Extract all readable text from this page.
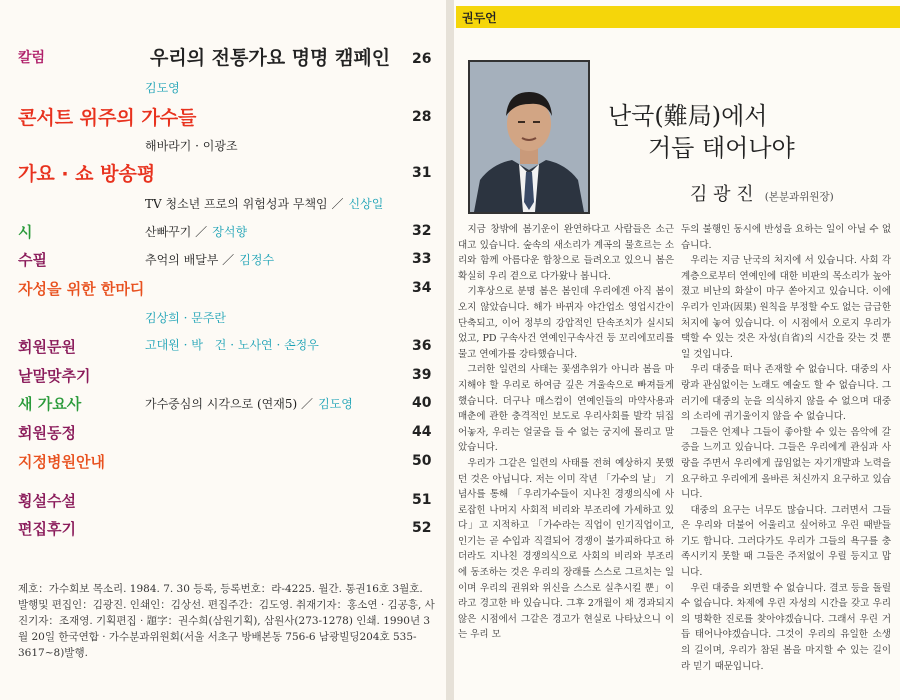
칼럼	우리의 전통가요 명명 캠페인 26
김도영
콘서트 위주의 가수들	28
해바라기 · 이광조
가요 · 쇼 방송평	31
TV 청소년 프로의 위험성과 무책임 ／ 신상일
시	산빠꾸기 ／ 장석향	32
수필	추억의 배달부 ／ 김정수	33
자성을 위한 한마디	34
김상희 · 문주란
회원문원	고대원 · 박　건 · 노사연 · 손정우	36
낱말맞추기	39
새 가요사	가수중심의 시각으로 (연재5) ／ 김도영	40
회원동정	44
지정병원안내	50
횡설수설	51
편집후기	52
제호：가수회보 목소리. 1984. 7. 30 등록, 등록번호：라-4225. 월간. 통권16호 3월호. 발행및 편집인：김광진. 인쇄인：김상선. 편집주간：김도영. 취재기자：홍소연 · 김공흥, 사진기자：조재영. 기획편집 · 題字：권수희(삼원기획), 삼원사(273-1278) 인쇄. 1990년 3월 20일 한국연합 · 가수분과위원회(서울 서초구 방배본동 756-6 남광빌딩204호 535-3617~8)발행.
권두언
난국(難局)에서
거듭 태어나야
김 광 진 (본분과위원장)

지금 창밖에 봄기운이 완연하다고 사람들은 소근대고 있습니다. 숲속의 새소리가 계곡의 물흐르는 소리와 함께 아름다운 합창으로 들려오고 있으니 봄은 확실히 우리 곁으로 다가왔나 봅니다.

기후상으로 분명 봄은 봄인데 우리에겐 아직 봄이 오지 않았습니다. 해가 바뀌자 야간업소 영업시간이 단축되고, 이어 정부의 강압적인 단속조치가 실시되었고, PD 구속사건 연예인구속사건 등 꼬리에꼬리를 물고 연예가를 강타했습니다.

그러한 일련의 사태는 꽃샘추위가 아니라 봄을 마지해야 할 우리로 하여금 깊은 겨울속으로 빠져들게 했습니다. 더구나 매스컴이 연예인들의 마약사용과 매춘에 관한 충격적인 보도로 우리사회를 발칵 뒤집어놓자, 우리는 얼굴을 들 수 없는 궁지에 몰리고 말았습니다.

우리가 그같은 일련의 사태를 전혀 예상하지 못했던 것은 아닙니다. 저는 이미 작년 「가수의 날」 기념사를 통해 「우리가수들이 지나친 경쟁의식에 사로잡힌 나머지 사회적 비리와 부조리에 가세하고 있다」고 지적하고 「가수라는 직업이 인기직업이고, 인기는 곧 수입과 직결되어 경쟁이 불가피하다고 하더라도 지나친 경쟁의식으로 사회의 비리와 부조리에 동조하는 것은 우리의 장래를 스스로 그르치는 일이며 우리의 권위와 위신을 스스로 실추시킬 뿐」이라고 경고한 바 있습니다. 그후 2개월이 채 경과되지 않은 시점에서 그같은 경고가 현실로 나타났으니 이는 우리 모

두의 불행인 동시에 반성을 요하는 일이 아닐 수 없습니다.

우리는 지금 난국의 처지에 서 있습니다. 사회 각 계층으로부터 연예인에 대한 비판의 목소리가 높아졌고 비난의 화살이 마구 쏟아지고 있습니다. 이에 우리가 인과(因果) 원칙을 부정할 수도 없는 급급한 처지에 놓여 있습니다. 이 시점에서 오로지 우리가 택할 수 있는 것은 자성(自省)의 시간을 갖는 것 뿐일 것입니다.

우리 대중을 떠나 존재할 수 없습니다. 대중의 사랑과 관심없이는 노래도 예술도 할 수 없습니다. 그러기에 대중의 눈을 의식하지 않을 수 없으며 대중의 소리에 귀기울이지 않을 수 없습니다.

그들은 언제나 그들이 좋아할 수 있는 음악에 갈증을 느끼고 있습니다. 그들은 우리에게 관심과 사랑을 주면서 우리에게 끊임없는 자기개발과 노력을 요구하고 우리에게 올바른 처신까지 요구하고 있습니다.

대중의 요구는 너무도 많습니다. 그러면서 그들은 우리와 더불어 어울리고 싶어하고 우린 때받들기도 합니다. 그러다가도 우리가 그들의 욕구를 충족시키지 못할 때 그들은 주저없이 우릴 등지고 맙니다.

우린 대중을 외면할 수 없습니다. 결코 등을 돌릴 수 없습니다. 차제에 우린 자성의 시간을 갖고 우리의 명확한 진로를 찾아야겠습니다. 그래서 우린 거듭 태어나야겠습니다. 그것이 우리의 유일한 소생의 길이며, 우리가 참된 봄을 마지할 수 있는 길이라 믿기 때문입니다.
